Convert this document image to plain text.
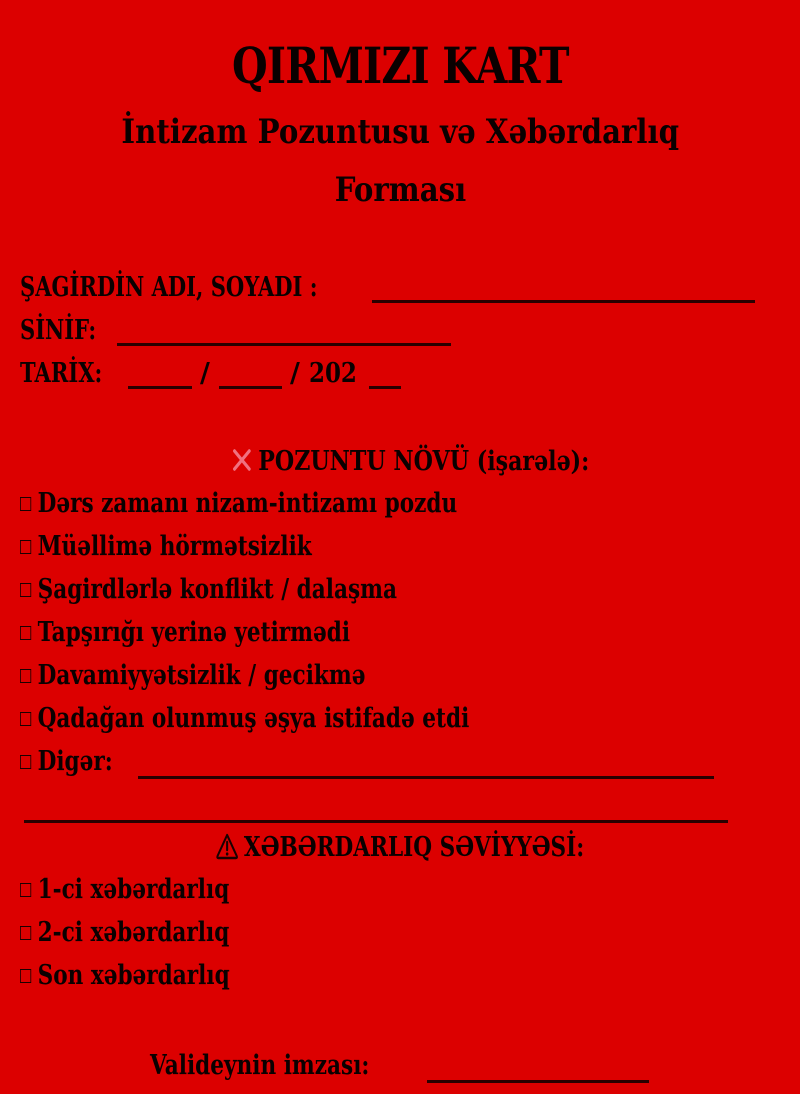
QIRMIZI KART
İntizam Pozuntusu və Xəbərdarlıq
Forması
ŞAGİRDİN ADI, SOYADI :
SİNİF:
TARİX:	/	/ 202
POZUNTU NÖVÜ (işarələ):
Dərs zamanı nizam-intizamı pozdu
Müəllimə hörmətsizlik
Şagirdlərlə konflikt / dalaşma
Tapşırığı yerinə yetirmədi
Davamiyyətsizlik / gecikmə
Qadağan olunmuş əşya istifadə etdi
Digər:
XƏBƏRDARLIQ SƏVİYYƏSİ:
1-ci xəbərdarlıq
2-ci xəbərdarlıq
Son xəbərdarlıq
Validеynin imzası:
